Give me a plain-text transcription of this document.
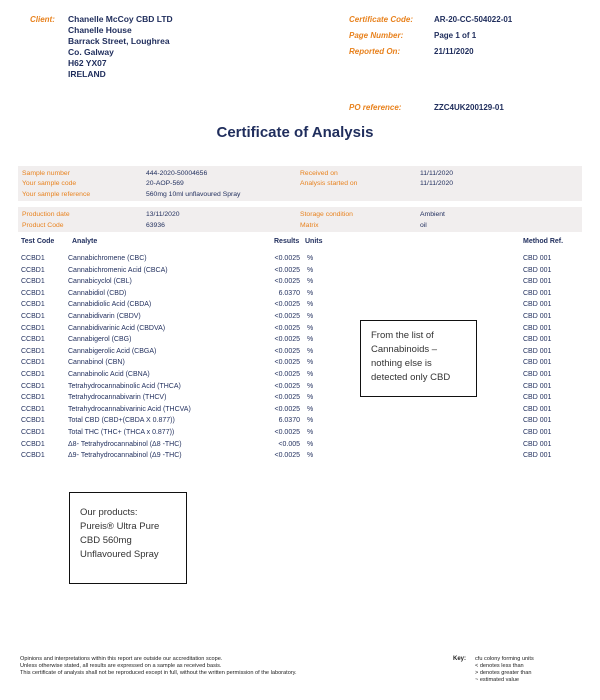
Client: Chanelle McCoy CBD LTD
Chanelle House
Barrack Street, Loughrea
Co. Galway
H62 YX07
IRELAND
Certificate Code:	AR-20-CC-504022-01
Page Number:	Page 1 of 1
Reported On:	21/11/2020
PO reference:	ZZC4UK200129-01
Certificate of Analysis
Sample number	444-2020-50004656
Your sample code	20-AOP-569
Your sample reference	560mg 10ml unflavoured Spray
Received on	11/11/2020
Analysis started on	11/11/2020
Production date	13/11/2020
Product Code	63936
Storage condition	Ambient
Matrix	oil
Test Code	Analyte	Results Units	Method Ref.
CCBD1	Cannabichromene (CBC)	<0.0025 %	CBD 001
CCBD1	Cannabichromenic Acid (CBCA)	<0.0025 %	CBD 001
CCBD1	Cannabicyclol (CBL)	<0.0025 %	CBD 001
CCBD1	Cannabidiol (CBD)	6.0370 %	CBD 001
CCBD1	Cannabidiolic Acid (CBDA)	<0.0025 %	CBD 001
CCBD1	Cannabidivarin (CBDV)	<0.0025 %	CBD 001
CCBD1	Cannabidivarinic Acid (CBDVA)	<0.0025 %	CBD 001
CCBD1	Cannabigerol (CBG)	<0.0025 %	CBD 001
CCBD1	Cannabigerolic Acid (CBGA)	<0.0025 %	CBD 001
CCBD1	Cannabinol (CBN)	<0.0025 %	CBD 001
CCBD1	Cannabinolic Acid (CBNA)	<0.0025 %	CBD 001
CCBD1	Tetrahydrocannabinolic Acid (THCA)	<0.0025 %	CBD 001
CCBD1	Tetrahydrocannabivarin (THCV)	<0.0025 %	CBD 001
CCBD1	Tetrahydrocannabivarinic Acid (THCVA)	<0.0025 %	CBD 001
CCBD1	Total CBD (CBD+(CBDA X 0.877))	6.0370 %	CBD 001
CCBD1	Total THC (THC+ (THCA x 0.877))	<0.0025 %	CBD 001
CCBD1	Δ8- Tetrahydrocannabinol (Δ8 -THC)	<0.005 %	CBD 001
CCBD1	Δ9- Tetrahydrocannabinol (Δ9 -THC)	<0.0025 %	CBD 001
From the list of
Cannabinoids –
nothing else is
detected only CBD
Our products:
Pureis® Ultra Pure
CBD 560mg
Unflavoured Spray
Opinions and interpretations within this report are outside our accreditation scope.
Unless otherwise stated, all results are expressed on a sample as received basis.
This certificate of analysis shall not be reproduced except in full, without the written permission of the laboratory.
Key: cfu colony forming units
< denotes less than
> denotes greater than
~ estimated value
